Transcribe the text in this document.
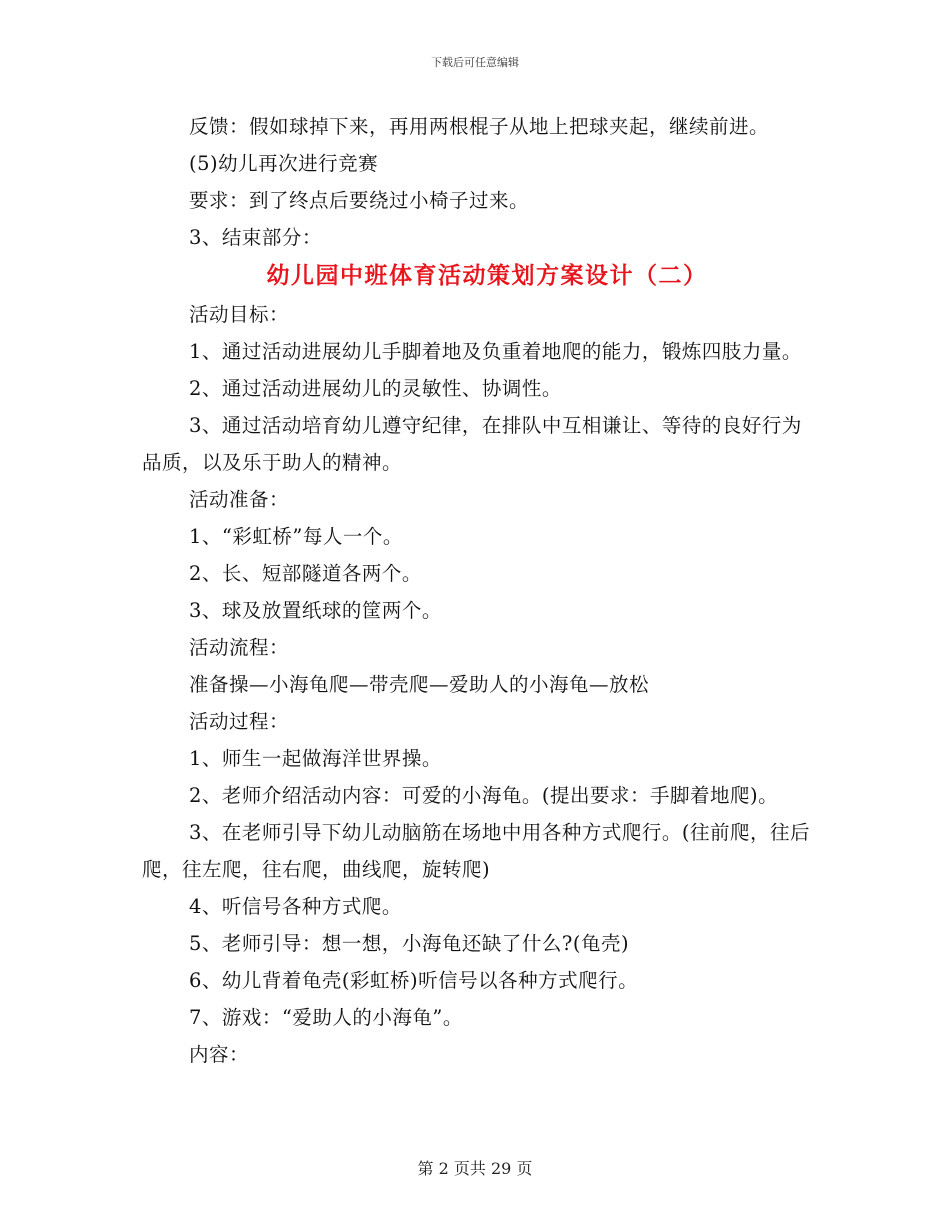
下载后可任意编辑

反馈：假如球掉下来，再用两根棍子从地上把球夹起，继续前进。

(5)幼儿再次进行竞赛

要求：到了终点后要绕过小椅子过来。

3、结束部分：

幼儿园中班体育活动策划方案设计（二）

活动目标：

1、通过活动进展幼儿手脚着地及负重着地爬的能力，锻炼四肢力量。

2、通过活动进展幼儿的灵敏性、协调性。

3、通过活动培育幼儿遵守纪律，在排队中互相谦让、等待的良好行为品质，以及乐于助人的精神。

活动准备：

1、“彩虹桥”每人一个。

2、长、短部隧道各两个。

3、球及放置纸球的筐两个。

活动流程：

准备操—小海龟爬—带壳爬—爱助人的小海龟—放松

活动过程：

1、师生一起做海洋世界操。

2、老师介绍活动内容：可爱的小海龟。(提出要求：手脚着地爬)。

3、在老师引导下幼儿动脑筋在场地中用各种方式爬行。(往前爬，往后爬，往左爬，往右爬，曲线爬，旋转爬)

4、听信号各种方式爬。

5、老师引导：想一想，小海龟还缺了什么?(龟壳)

6、幼儿背着龟壳(彩虹桥)听信号以各种方式爬行。

7、游戏：“爱助人的小海龟”。

内容：

第 2 页共 29 页
